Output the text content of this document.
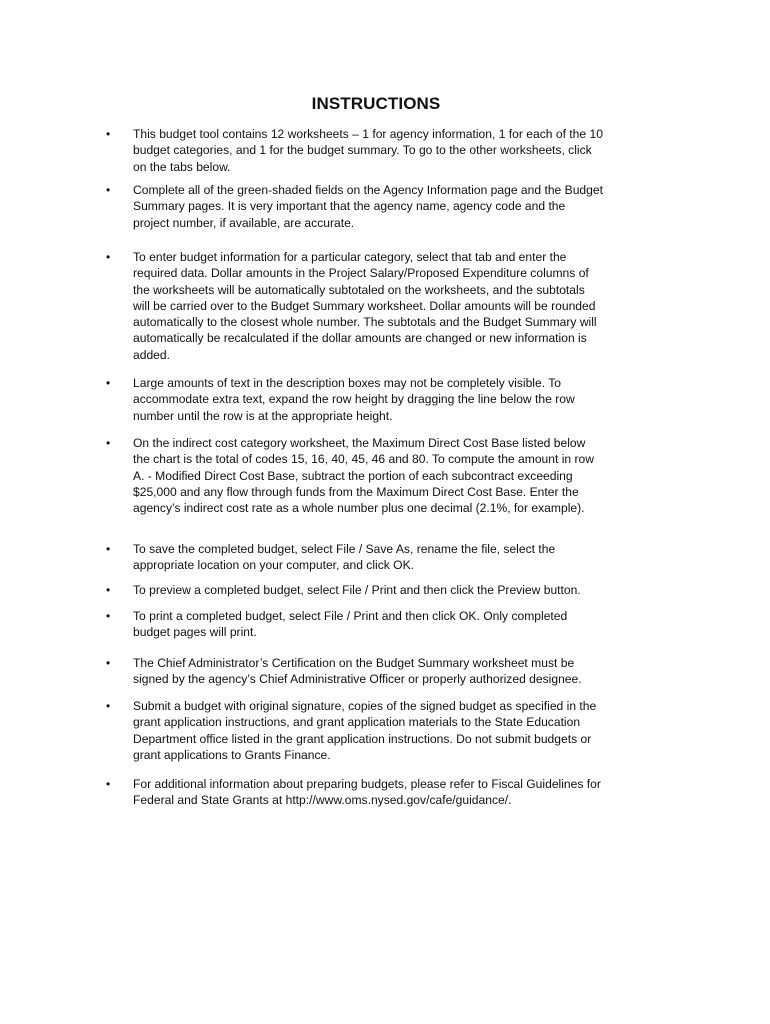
INSTRUCTIONS
•	This budget tool contains 12 worksheets – 1 for agency information, 1 for each of the 10
budget categories, and 1 for the budget summary. To go to the other worksheets, click
on the tabs below.
•	Complete all of the green-shaded fields on the Agency Information page and the Budget
Summary pages. It is very important that the agency name, agency code and the
project number, if available, are accurate.
•	To enter budget information for a particular category, select that tab and enter the
required data. Dollar amounts in the Project Salary/Proposed Expenditure columns of
the worksheets will be automatically subtotaled on the worksheets, and the subtotals
will be carried over to the Budget Summary worksheet. Dollar amounts will be rounded
automatically to the closest whole number. The subtotals and the Budget Summary will
automatically be recalculated if the dollar amounts are changed or new information is
added.
•	Large amounts of text in the description boxes may not be completely visible. To
accommodate extra text, expand the row height by dragging the line below the row
number until the row is at the appropriate height.
•	On the indirect cost category worksheet, the Maximum Direct Cost Base listed below
the chart is the total of codes 15, 16, 40, 45, 46 and 80. To compute the amount in row
A. - Modified Direct Cost Base, subtract the portion of each subcontract exceeding
$25,000 and any flow through funds from the Maximum Direct Cost Base. Enter the
agency’s indirect cost rate as a whole number plus one decimal (2.1%, for example).
•	To save the completed budget, select File / Save As, rename the file, select the
appropriate location on your computer, and click OK.
•	To preview a completed budget, select File / Print and then click the Preview button.
•	To print a completed budget, select File / Print and then click OK. Only completed
budget pages will print.
•	The Chief Administrator’s Certification on the Budget Summary worksheet must be
signed by the agency’s Chief Administrative Officer or properly authorized designee.
•	Submit a budget with original signature, copies of the signed budget as specified in the
grant application instructions, and grant application materials to the State Education
Department office listed in the grant application instructions. Do not submit budgets or
grant applications to Grants Finance.
•	For additional information about preparing budgets, please refer to Fiscal Guidelines for
Federal and State Grants at http://www.oms.nysed.gov/cafe/guidance/.
